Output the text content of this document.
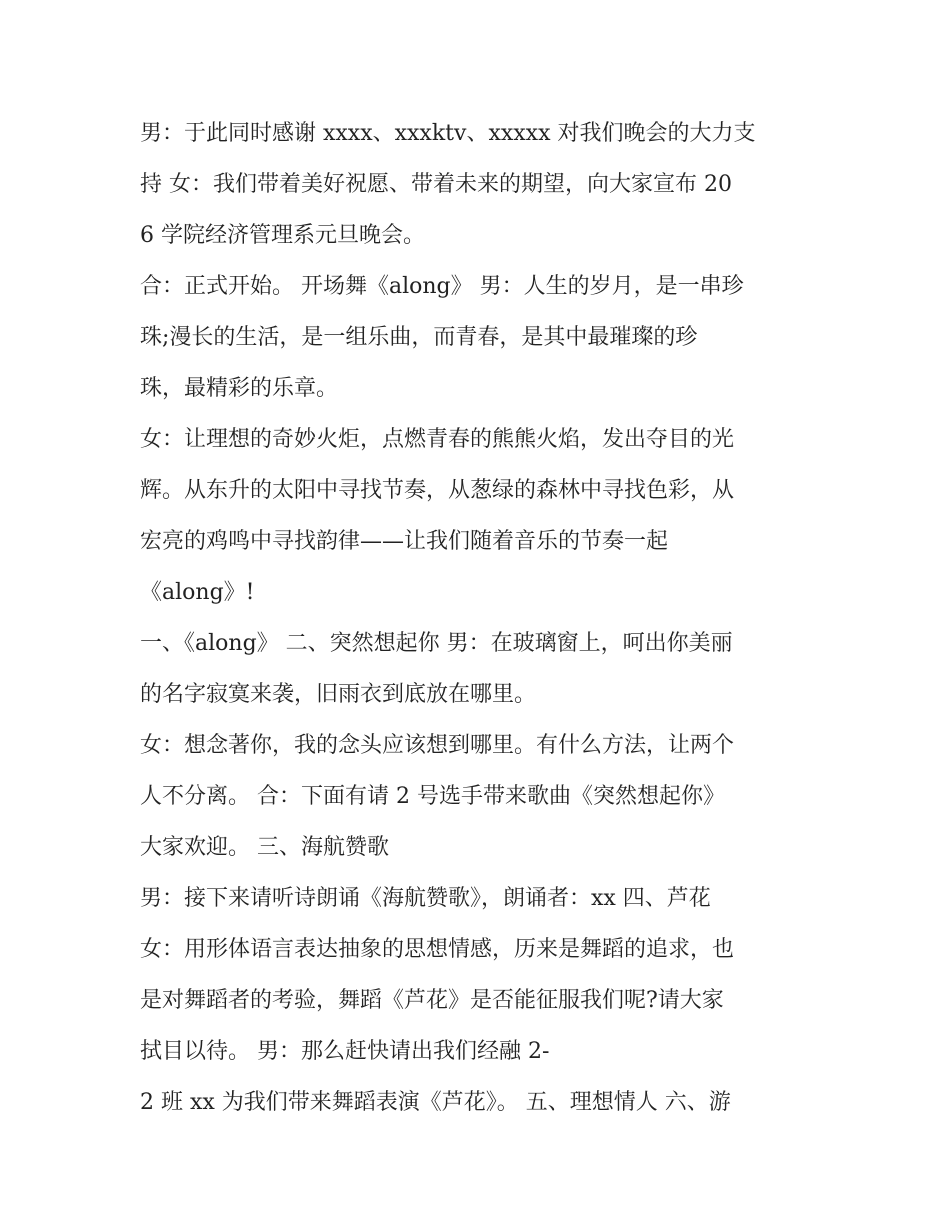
男：于此同时感谢 xxxx、xxxktv、xxxxx 对我们晚会的大力支
持 女：我们带着美好祝愿、带着未来的期望，向大家宣布 20
6 学院经济管理系元旦晚会。
合：正式开始。 开场舞《along》 男：人生的岁月，是一串珍
珠;漫长的生活，是一组乐曲，而青春，是其中最璀璨的珍
珠，最精彩的乐章。
女：让理想的奇妙火炬，点燃青春的熊熊火焰，发出夺目的光
辉。从东升的太阳中寻找节奏，从葱绿的森林中寻找色彩，从
宏亮的鸡鸣中寻找韵律——让我们随着音乐的节奏一起
《along》!
一、《along》 二、突然想起你 男：在玻璃窗上，呵出你美丽
的名字寂寞来袭，旧雨衣到底放在哪里。
女：想念著你，我的念头应该想到哪里。有什么方法，让两个
人不分离。 合：下面有请 2 号选手带来歌曲《突然想起你》
大家欢迎。 三、海航赞歌
男：接下来请听诗朗诵《海航赞歌》，朗诵者：xx 四、芦花
女：用形体语言表达抽象的思想情感，历来是舞蹈的追求，也
是对舞蹈者的考验，舞蹈《芦花》是否能征服我们呢?请大家
拭目以待。 男：那么赶快请出我们经融 2-
2 班 xx 为我们带来舞蹈表演《芦花》。 五、理想情人 六、游
